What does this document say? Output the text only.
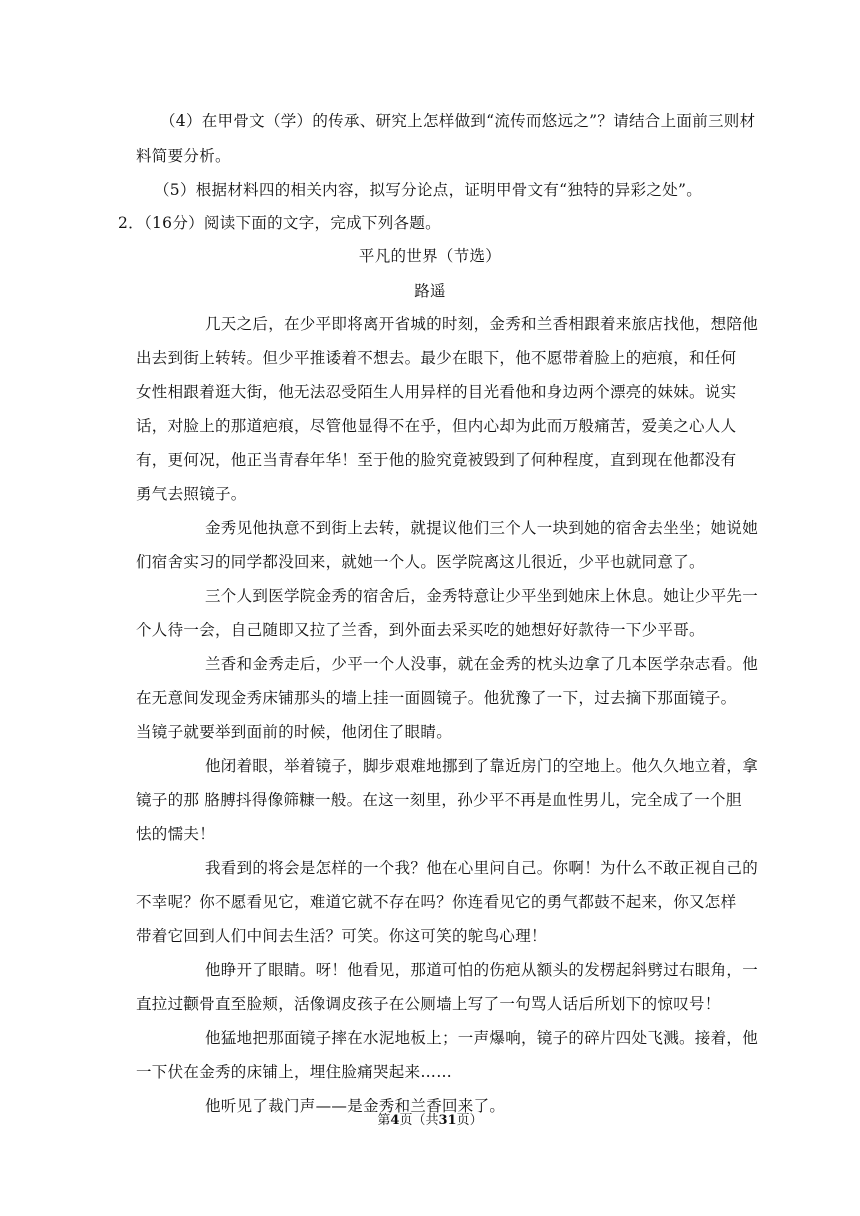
（4）在甲骨文（学）的传承、研究上怎样做到“流传而悠远之”？请结合上面前三则材
料简要分析。
（5）根据材料四的相关内容，拟写分论点，证明甲骨文有“独特的异彩之处”。
2．（16分）阅读下面的文字，完成下列各题。
平凡的世界（节选）
路遥
几天之后，在少平即将离开省城的时刻，金秀和兰香相跟着来旅店找他，想陪他
出去到街上转转。但少平推诿着不想去。最少在眼下，他不愿带着脸上的疤痕，和任何
女性相跟着逛大街，他无法忍受陌生人用异样的目光看他和身边两个漂亮的妹妹。说实
话，对脸上的那道疤痕，尽管他显得不在乎，但内心却为此而万般痛苦，爱美之心人人
有，更何况，他正当青春年华！至于他的脸究竟被毁到了何种程度，直到现在他都没有
勇气去照镜子。
金秀见他执意不到街上去转，就提议他们三个人一块到她的宿舍去坐坐；她说她
们宿舍实习的同学都没回来，就她一个人。医学院离这儿很近，少平也就同意了。
三个人到医学院金秀的宿舍后，金秀特意让少平坐到她床上休息。她让少平先一
个人待一会，自己随即又拉了兰香，到外面去采买吃的她想好好款待一下少平哥。
兰香和金秀走后，少平一个人没事，就在金秀的枕头边拿了几本医学杂志看。他
在无意间发现金秀床铺那头的墙上挂一面圆镜子。他犹豫了一下，过去摘下那面镜子。
当镜子就要举到面前的时候，他闭住了眼睛。
他闭着眼，举着镜子，脚步艰难地挪到了靠近房门的空地上。他久久地立着，拿
镜子的那 胳膊抖得像筛糠一般。在这一刻里，孙少平不再是血性男儿，完全成了一个胆
怯的懦夫！
我看到的将会是怎样的一个我？他在心里问自己。你啊！为什么不敢正视自己的
不幸呢？你不愿看见它，难道它就不存在吗？你连看见它的勇气都鼓不起来，你又怎样
带着它回到人们中间去生活？可笑。你这可笑的鸵鸟心理！
他睁开了眼睛。呀！他看见，那道可怕的伤疤从额头的发楞起斜劈过右眼角，一
直拉过颧骨直至脸颊，活像调皮孩子在公厕墙上写了一句骂人话后所划下的惊叹号！
他猛地把那面镜子摔在水泥地板上；一声爆响，镜子的碎片四处飞溅。接着，他
一下伏在金秀的床铺上，埋住脸痛哭起来……
他听见了裁门声——是金秀和兰香回来了。
第4页（共31页）
